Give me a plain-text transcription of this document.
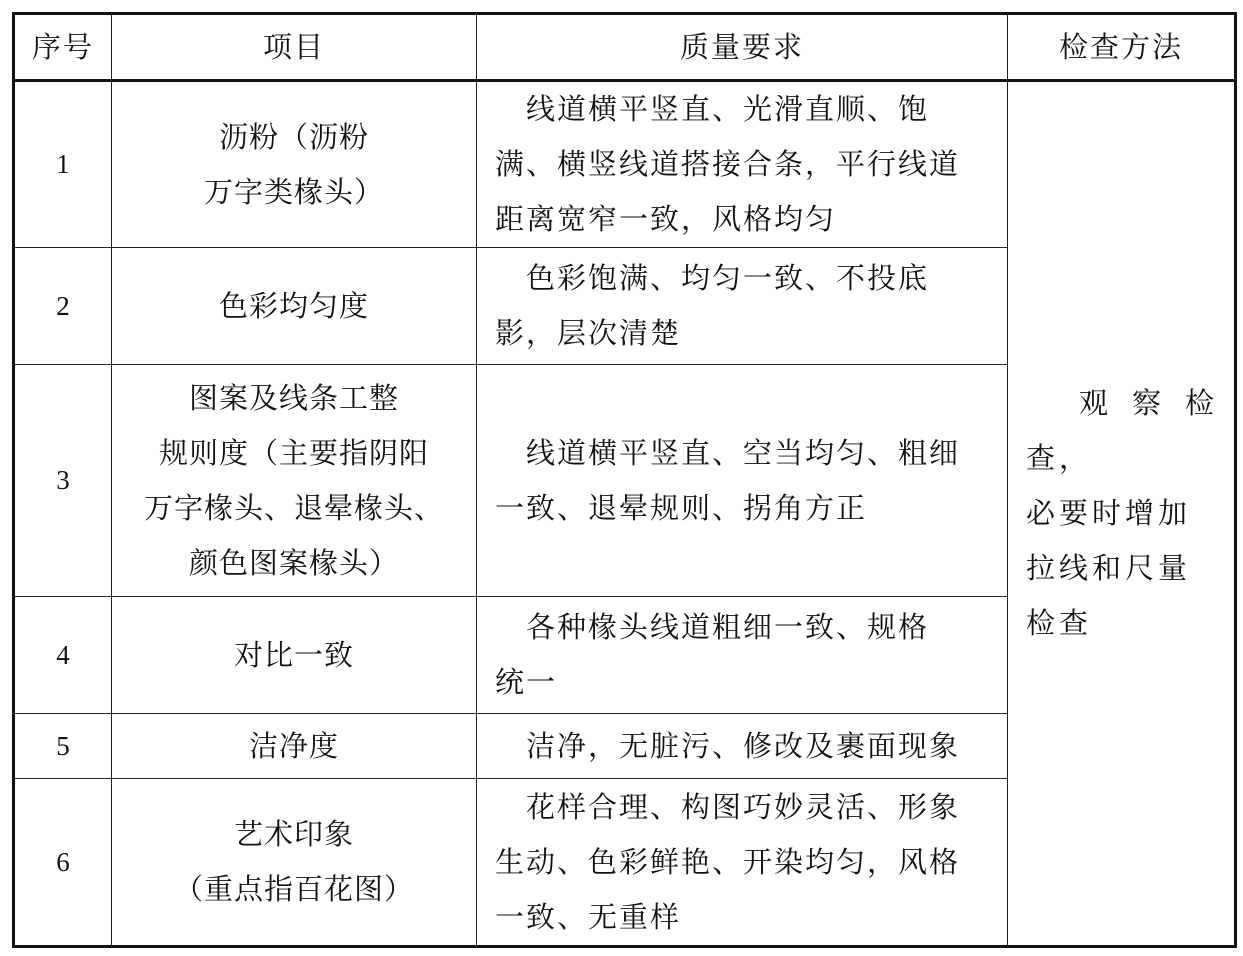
序号	项目	质量要求	检查方法
1	沥粉（沥粉
万字类椽头）	　线道横平竖直、光滑直顺、饱
满、横竖线道搭接合条，平行线道
距离宽窄一致，风格均匀	　观察检查，
必要时增加
拉线和尺量
检查
2	色彩均匀度	　色彩饱满、均匀一致、不投底
影，层次清楚	
3	图案及线条工整
规则度（主要指阴阳
万字椽头、退晕椽头、
颜色图案椽头）	　线道横平竖直、空当均匀、粗细
一致、退晕规则、拐角方正	
4	对比一致	　各种椽头线道粗细一致、规格
统一	
5	洁净度	　洁净，无脏污、修改及裹面现象	
6	艺术印象
（重点指百花图）	　花样合理、构图巧妙灵活、形象
生动、色彩鲜艳、开染均匀，风格
一致、无重样	
